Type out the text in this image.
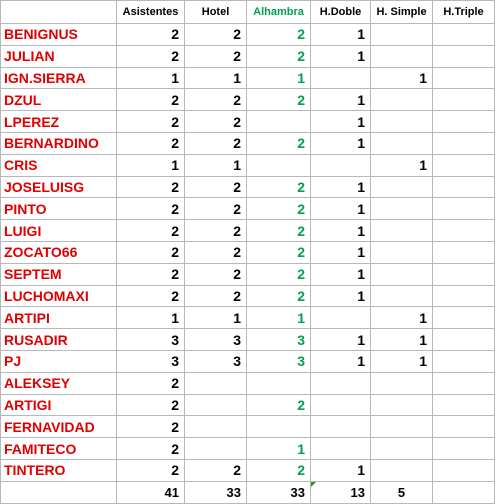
	Asistentes	Hotel	Alhambra	H.Doble	H. Simple	H.Triple
BENIGNUS	2	2	2	1		
JULIAN	2	2	2	1		
IGN.SIERRA	1	1	1		1	
DZUL	2	2	2	1		
LPEREZ	2	2		1		
BERNARDINO	2	2	2	1		
CRIS	1	1			1	
JOSELUISG	2	2	2	1		
PINTO	2	2	2	1		
LUIGI	2	2	2	1		
ZOCATO66	2	2	2	1		
SEPTEM	2	2	2	1		
LUCHOMAXI	2	2	2	1		
ARTIPI	1	1	1		1	
RUSADIR	3	3	3	1	1	
PJ	3	3	3	1	1	
ALEKSEY	2					
ARTIGI	2		2			
FERNAVIDAD	2					
FAMITECO	2		1			
TINTERO	2	2	2	1		
	41	33	33	13	5	
